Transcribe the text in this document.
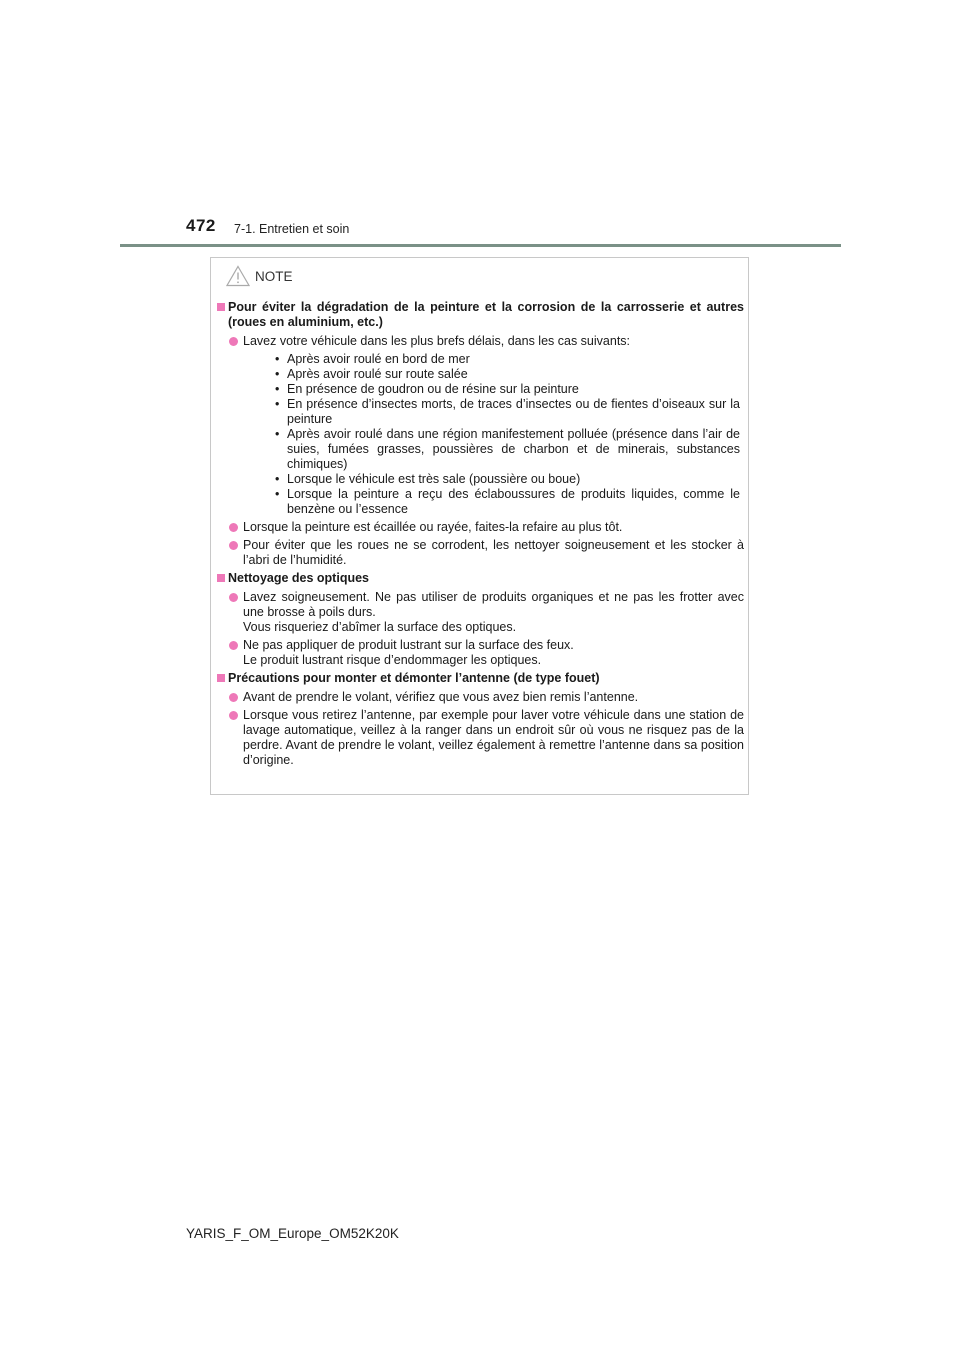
472 7-1. Entretien et soin
NOTE
Pour éviter la dégradation de la peinture et la corrosion de la carrosserie et autres (roues en aluminium, etc.)
Lavez votre véhicule dans les plus brefs délais, dans les cas suivants:
• Après avoir roulé en bord de mer
• Après avoir roulé sur route salée
• En présence de goudron ou de résine sur la peinture
• En présence d’insectes morts, de traces d’insectes ou de fientes d’oiseaux sur la peinture
• Après avoir roulé dans une région manifestement polluée (présence dans l’air de suies, fumées grasses, poussières de charbon et de minerais, substances chimiques)
• Lorsque le véhicule est très sale (poussière ou boue)
• Lorsque la peinture a reçu des éclaboussures de produits liquides, comme le benzène ou l’essence
Lorsque la peinture est écaillée ou rayée, faites-la refaire au plus tôt.
Pour éviter que les roues ne se corrodent, les nettoyer soigneusement et les stocker à l’abri de l’humidité.
Nettoyage des optiques
Lavez soigneusement. Ne pas utiliser de produits organiques et ne pas les frotter avec une brosse à poils durs.
Vous risqueriez d’abîmer la surface des optiques.
Ne pas appliquer de produit lustrant sur la surface des feux.
Le produit lustrant risque d’endommager les optiques.
Précautions pour monter et démonter l’antenne (de type fouet)
Avant de prendre le volant, vérifiez que vous avez bien remis l’antenne.
Lorsque vous retirez l’antenne, par exemple pour laver votre véhicule dans une station de lavage automatique, veillez à la ranger dans un endroit sûr où vous ne risquez pas de la perdre. Avant de prendre le volant, veillez également à remettre l’antenne dans sa position d’origine.
YARIS_F_OM_Europe_OM52K20K
